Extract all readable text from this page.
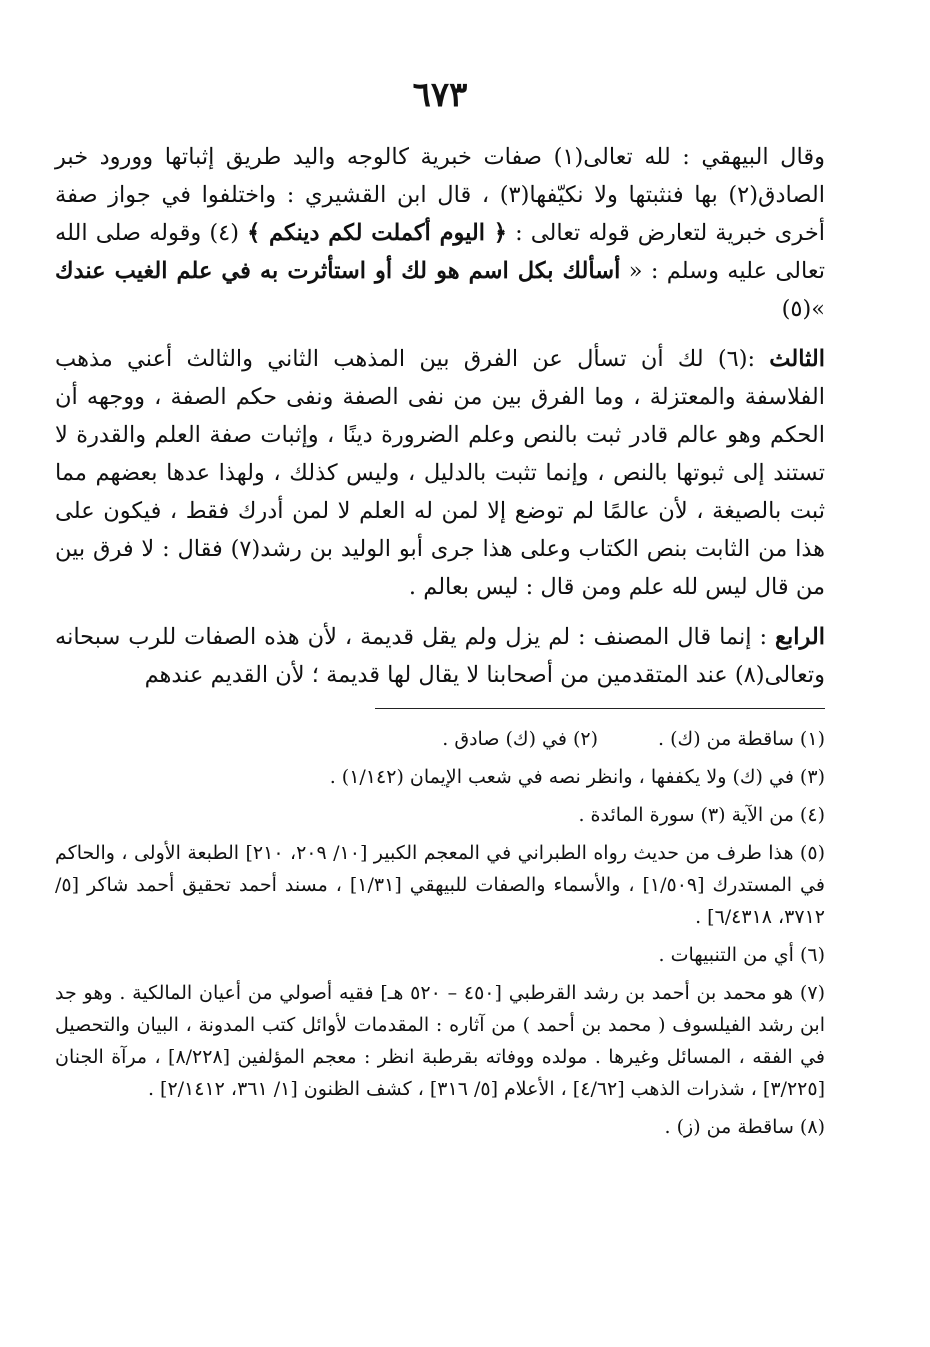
٦٧٣

وقال البيهقي : لله تعالى(١) صفات خبرية كالوجه واليد طريق إثباتها وورود خبر الصادق(٢) بها فنثبتها ولا نكيّفها(٣) ، قال ابن القشيري : واختلفوا في جواز صفة أخرى خبرية لتعارض قوله تعالى : ﴿ اليوم أكملت لكم دينكم ﴾ (٤) وقوله صلى الله تعالى عليه وسلم : « أسألك بكل اسم هو لك أو استأثرت به في علم الغيب عندك »(٥)

الثالث :(٦) لك أن تسأل عن الفرق بين المذهب الثاني والثالث أعني مذهب الفلاسفة والمعتزلة ، وما الفرق بين من نفى الصفة ونفى حكم الصفة ، ووجهه أن الحكم وهو عالم قادر ثبت بالنص وعلم الضرورة دينًا ، وإثبات صفة العلم والقدرة لا تستند إلى ثبوتها بالنص ، وإنما تثبت بالدليل ، وليس كذلك ، ولهذا عدها بعضهم مما ثبت بالصيغة ، لأن عالمًا لم توضع إلا لمن له العلم لا لمن أدرك فقط ، فيكون على هذا من الثابت بنص الكتاب وعلى هذا جرى أبو الوليد بن رشد(٧) فقال : لا فرق بين من قال ليس لله علم ومن قال : ليس بعالم .

الرابع : إنما قال المصنف : لم يزل ولم يقل قديمة ، لأن هذه الصفات للرب سبحانه وتعالى(٨) عند المتقدمين من أصحابنا لا يقال لها قديمة ؛ لأن القديم عندهم

(١) ساقطة من (ك) .
(٢) في (ك) صادق .
(٣) في (ك) ولا يكففها ، وانظر نصه في شعب الإيمان (١/١٤٢) .
(٤) من الآية (٣) سورة المائدة .
(٥) هذا طرف من حديث رواه الطبراني في المعجم الكبير [١٠/ ٢٠٩، ٢١٠] الطبعة الأولى ، والحاكم في المستدرك [١/٥٠٩] ، والأسماء والصفات للبيهقي [١/٣١] ، مسند أحمد تحقيق أحمد شاكر [٥/ ٣٧١٢، ٦/٤٣١٨] .
(٦) أي من التنبيهات .
(٧) هو محمد بن أحمد بن رشد القرطبي [٤٥٠ – ٥٢٠ هـ] فقيه أصولي من أعيان المالكية . وهو جد ابن رشد الفيلسوف ( محمد بن أحمد ) من آثاره : المقدمات لأوائل كتب المدونة ، البيان والتحصيل في الفقه ، المسائل وغيرها . مولده ووفاته بقرطبة انظر : معجم المؤلفين [٨/٢٢٨] ، مرآة الجنان [٣/٢٢٥] ، شذرات الذهب [٤/٦٢] ، الأعلام [٥/ ٣١٦] ، كشف الظنون [١/ ٣٦١، ٢/١٤١٢] .
(٨) ساقطة من (ز) .
